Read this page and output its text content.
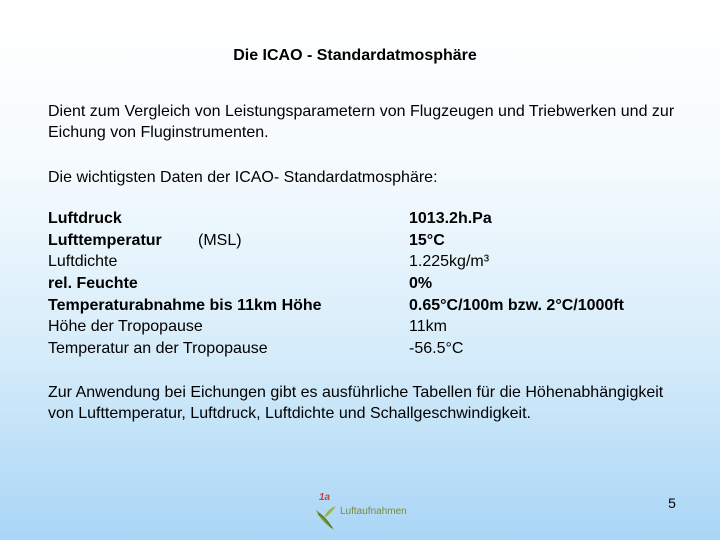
Die ICAO - Standardatmosphäre
Dient zum Vergleich von Leistungsparametern von Flugzeugen und Triebwerken und zur Eichung von Fluginstrumenten.
Die wichtigsten Daten der ICAO- Standardatmosphäre:
Luftdruck	1013.2h.Pa
Lufttemperatur (MSL)	15°C
Luftdichte	1.225kg/m³
rel. Feuchte	0%
Temperaturabnahme bis 11km Höhe	0.65°C/100m bzw. 2°C/1000ft
Höhe der Tropopause	11km
Temperatur an der Tropopause	-56.5°C
Zur Anwendung bei Eichungen gibt es ausführliche Tabellen für die Höhenabhängigkeit von Lufttemperatur, Luftdruck, Luftdichte und Schallgeschwindigkeit.
1a
Luftaufnahmen
5
